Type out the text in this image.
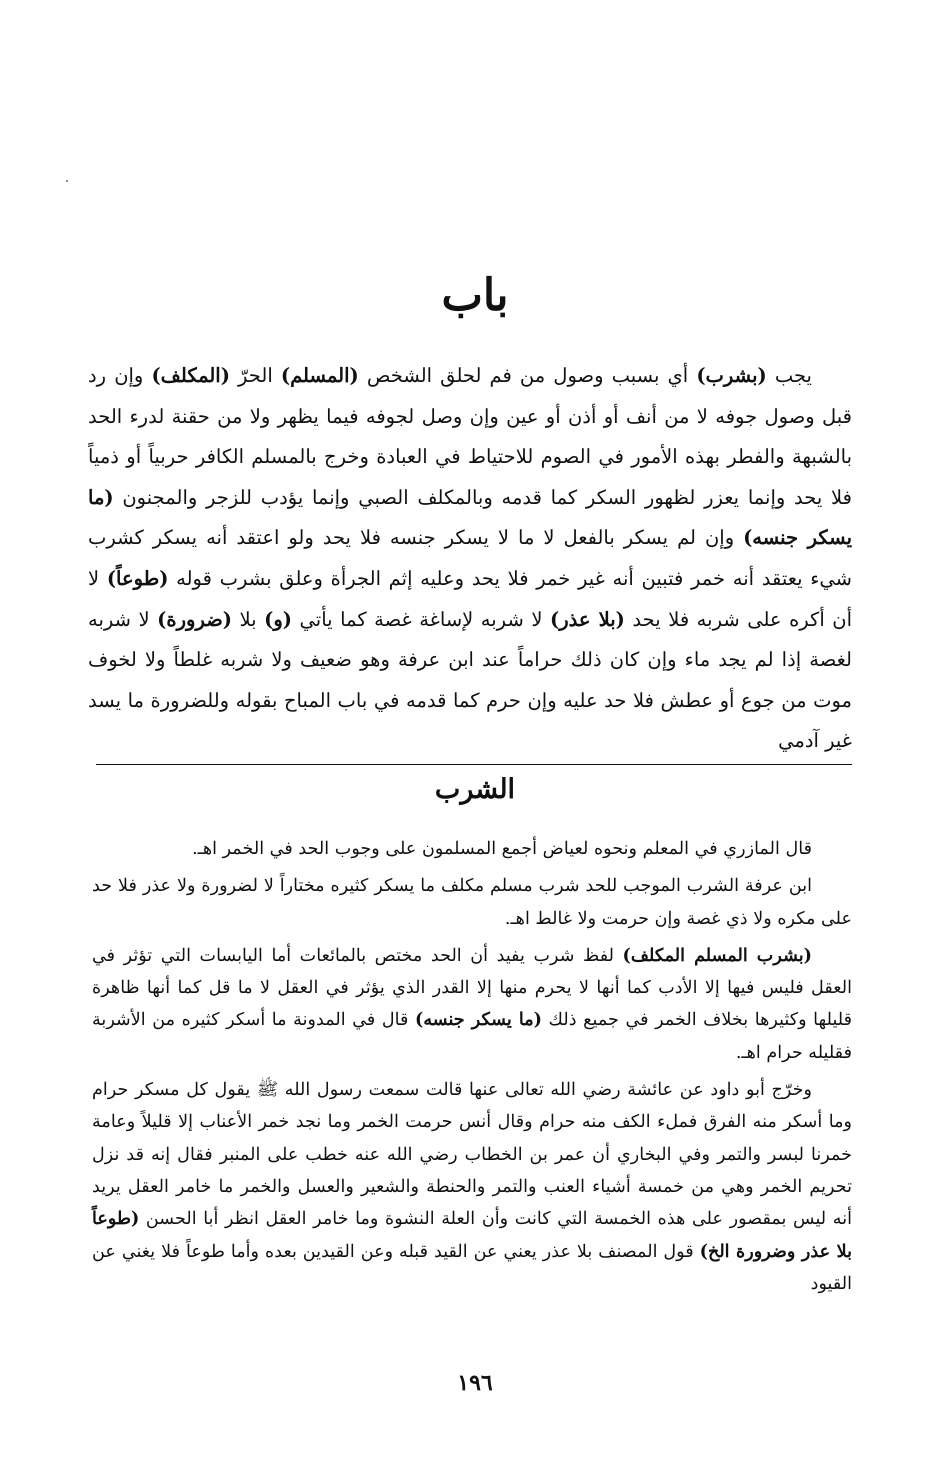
باب

يجب (بشرب) أي بسبب وصول من فم لحلق الشخص (المسلم) الحرّ (المكلف) وإن رد قبل وصول جوفه لا من أنف أو أذن أو عين وإن وصل لجوفه فيما يظهر ولا من حقنة لدرء الحد بالشبهة والفطر بهذه الأمور في الصوم للاحتياط في العبادة وخرج بالمسلم الكافر حربياً أو ذمياً فلا يحد وإنما يعزر لظهور السكر كما قدمه وبالمكلف الصبي وإنما يؤدب للزجر والمجنون (ما يسكر جنسه) وإن لم يسكر بالفعل لا ما لا يسكر جنسه فلا يحد ولو اعتقد أنه يسكر كشرب شيء يعتقد أنه خمر فتبين أنه غير خمر فلا يحد وعليه إثم الجرأة وعلق بشرب قوله (طوعاً) لا أن أكره على شربه فلا يحد (بلا عذر) لا شربه لإساغة غصة كما يأتي (و) بلا (ضرورة) لا شربه لغصة إذا لم يجد ماء وإن كان ذلك حراماً عند ابن عرفة وهو ضعيف ولا شربه غلطاً ولا لخوف موت من جوع أو عطش فلا حد عليه وإن حرم كما قدمه في باب المباح بقوله وللضرورة ما يسد غير آدمي

الشرب

قال المازري في المعلم ونحوه لعياض أجمع المسلمون على وجوب الحد في الخمر اهـ.

ابن عرفة الشرب الموجب للحد شرب مسلم مكلف ما يسكر كثيره مختاراً لا لضرورة ولا عذر فلا حد على مكره ولا ذي غصة وإن حرمت ولا غالط اهـ.

(بشرب المسلم المكلف) لفظ شرب يفيد أن الحد مختص بالمائعات أما اليابسات التي تؤثر في العقل فليس فيها إلا الأدب كما أنها لا يحرم منها إلا القدر الذي يؤثر في العقل لا ما قل كما أنها ظاهرة قليلها وكثيرها بخلاف الخمر في جميع ذلك (ما يسكر جنسه) قال في المدونة ما أسكر كثيره من الأشربة فقليله حرام اهـ.

وخرّج أبو داود عن عائشة رضي الله تعالى عنها قالت سمعت رسول الله ﷺ يقول كل مسكر حرام وما أسكر منه الفرق فملء الكف منه حرام وقال أنس حرمت الخمر وما نجد خمر الأعناب إلا قليلاً وعامة خمرنا لبسر والتمر وفي البخاري أن عمر بن الخطاب رضي الله عنه خطب على المنبر فقال إنه قد نزل تحريم الخمر وهي من خمسة أشياء العنب والتمر والحنطة والشعير والعسل والخمر ما خامر العقل يريد أنه ليس بمقصور على هذه الخمسة التي كانت وأن العلة النشوة وما خامر العقل انظر أبا الحسن (طوعاً بلا عذر وضرورة الخ) قول المصنف بلا عذر يعني عن القيد قبله وعن القيدين بعده وأما طوعاً فلا يغني عن القيود

١٩٦
